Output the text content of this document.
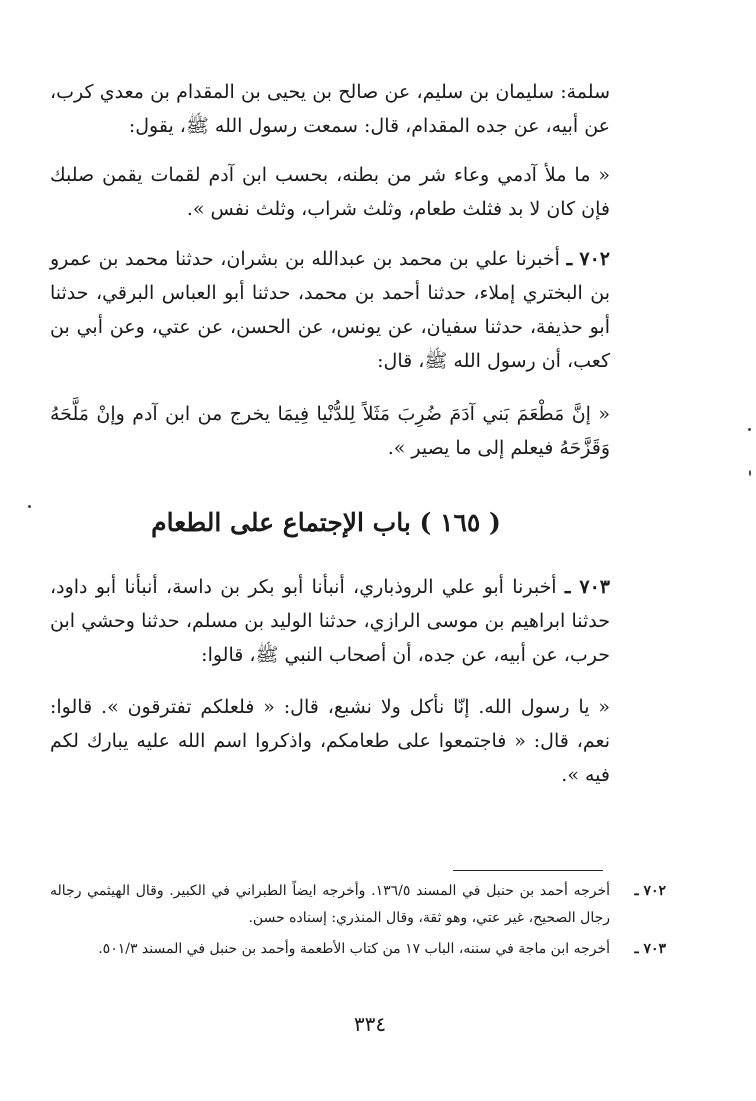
سلمة: سليمان بن سليم، عن صالح بن يحيى بن المقدام بن معدي كرب، عن أبيه، عن جده المقدام، قال: سمعت رسول الله ﷺ، يقول:

« ما ملأ آدمي وعاء شر من بطنه، بحسب ابن آدم لقمات يقمن صلبك فإن كان لا بد فثلث طعام، وثلث شراب، وثلث نفس ».

٧٠٢ ـ أخبرنا علي بن محمد بن عبدالله بن بشران، حدثنا محمد بن عمرو بن البختري إملاء، حدثنا أحمد بن محمد، حدثنا أبو العباس البرقي، حدثنا أبو حذيفة، حدثنا سفيان، عن يونس، عن الحسن، عن عتي، وعن أبي بن كعب، أن رسول الله ﷺ، قال:

« إنَّ مَطْعَمَ بَني آدَمَ ضُرِبَ مَثَلاً لِلدُّنْيا فِيمَا يخرج من ابن آدم وإنْ مَلَّحَهُ وَقَزَّحَهُ فيعلم إلى ما يصير ».

( ١٦٥ ) باب الإجتماع على الطعام

٧٠٣ ـ أخبرنا أبو علي الروذباري، أنبأنا أبو بكر بن داسة، أنبأنا أبو داود، حدثنا ابراهيم بن موسى الرازي، حدثنا الوليد بن مسلم، حدثنا وحشي ابن حرب، عن أبيه، عن جده، أن أصحاب النبي ﷺ، قالوا:

« يا رسول الله. إنّا نأكل ولا نشبع، قال: « فلعلكم تفترقون ». قالوا: نعم، قال: « فاجتمعوا على طعامكم، واذكروا اسم الله عليه يبارك لكم فيه ».

٧٠٢ ـ
أخرجه أحمد بن حنبل في المسند ١٣٦/٥. وأخرجه ايضاً الطبراني في الكبير. وقال الهيثمي رجاله رجال الصحيح، غير عتي، وهو ثقة، وقال المنذري: إسناده حسن.
٧٠٣ ـ
أخرجه ابن ماجة في سننه، الباب ١٧ من كتاب الأطعمة وأحمد بن حنبل في المسند ٥٠١/٣.
٣٣٤
